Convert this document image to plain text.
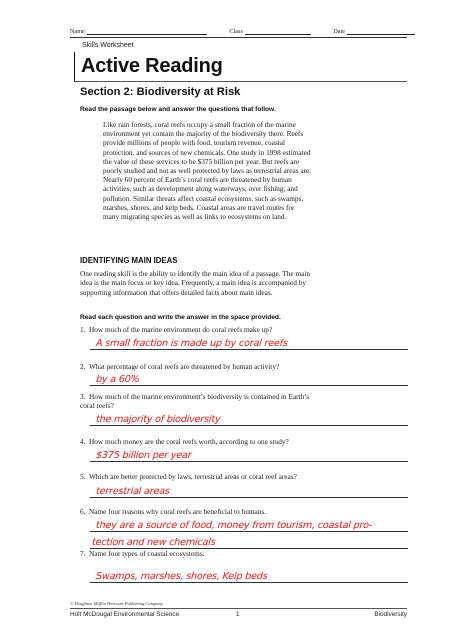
Name	Class	Date
Skills Worksheet
Active Reading
Section 2: Biodiversity at Risk
Read the passage below and answer the questions that follow.
Like rain forests, coral reefs occupy a small fraction of the marine
environment yet contain the majority of the biodiversity there. Reefs
provide millions of people with food, tourism revenue, coastal
protection, and sources of new chemicals. One study in 1998 estimated
the value of these services to be $375 billion per year. But reefs are
poorly studied and not as well protected by laws as terrestrial areas are.
Nearly 60 percent of Earth’s coral reefs are threatened by human
activities, such as development along waterways, over fishing, and
pollution. Similar threats affect coastal ecosystems, such as swamps,
marshes, shores, and kelp beds. Coastal areas are travel routes for
many migrating species as well as links to ecosystems on land.
IDENTIFYING MAIN IDEAS
One reading skill is the ability to identify the main idea of a passage. The main
idea is the main focus or key idea. Frequently, a main idea is accompanied by
supporting information that offers detailed facts about main ideas.
Read each question and write the answer in the space provided.
1. How much of the marine environment do coral reefs make up?
A small fraction is made up by coral reefs
2. What percentage of coral reefs are threatened by human activity?
by a 60%
3. How much of the marine environment’s biodiversity is contained in Earth’s
coral reefs?
the majority of biodiversity
4. How much money are the coral reefs worth, according to one study?
$375 billion per year
5. Which are better protected by laws, terrestrial areas or coral reef areas?
terrestrial areas
6. Name four reasons why coral reefs are beneficial to humans.
they are a source of food, money from tourism, coastal pro-
tection and new chemicals
7. Name four types of coastal ecosystems.
Swamps, marshes, shores, Kelp beds
© Houghton Mifflin Harcourt Publishing Company
Holt McDougal Environmental Science	1	Biodiversity
